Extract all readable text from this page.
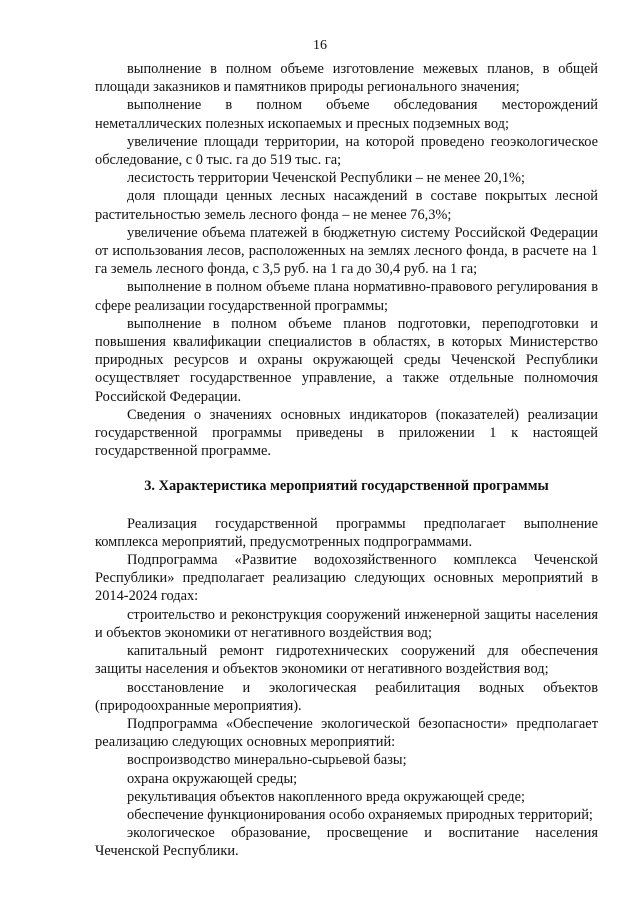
16

выполнение в полном объеме изготовление межевых планов, в общей площади заказников и памятников природы регионального значения;

выполнение в полном объеме обследования месторождений неметаллических полезных ископаемых и пресных подземных вод;

увеличение площади территории, на которой проведено геоэкологическое обследование, с 0 тыс. га до 519 тыс. га;

лесистость территории Чеченской Республики – не менее 20,1%;

доля площади ценных лесных насаждений в составе покрытых лесной растительностью земель лесного фонда – не менее 76,3%;

увеличение объема платежей в бюджетную систему Российской Федерации от использования лесов, расположенных на землях лесного фонда, в расчете на 1 га земель лесного фонда, с 3,5 руб. на 1 га до 30,4 руб. на 1 га;

выполнение в полном объеме плана нормативно-правового регулирования в сфере реализации государственной программы;

выполнение в полном объеме планов подготовки, переподготовки и повышения квалификации специалистов в областях, в которых Министерство природных ресурсов и охраны окружающей среды Чеченской Республики осуществляет государственное управление, а также отдельные полномочия Российской Федерации.

Сведения о значениях основных индикаторов (показателей) реализации государственной программы приведены в приложении 1 к настоящей государственной программе.

3. Характеристика мероприятий государственной программы

Реализация государственной программы предполагает выполнение комплекса мероприятий, предусмотренных подпрограммами.

Подпрограмма «Развитие водохозяйственного комплекса Чеченской Республики» предполагает реализацию следующих основных мероприятий в 2014-2024 годах:

строительство и реконструкция сооружений инженерной защиты населения и объектов экономики от негативного воздействия вод;

капитальный ремонт гидротехнических сооружений для обеспечения защиты населения и объектов экономики от негативного воздействия вод;

восстановление и экологическая реабилитация водных объектов (природоохранные мероприятия).

Подпрограмма «Обеспечение экологической безопасности» предполагает реализацию следующих основных мероприятий:

воспроизводство минерально-сырьевой базы;

охрана окружающей среды;

рекультивация объектов накопленного вреда окружающей среде;

обеспечение функционирования особо охраняемых природных территорий;

экологическое образование, просвещение и воспитание населения Чеченской Республики.
